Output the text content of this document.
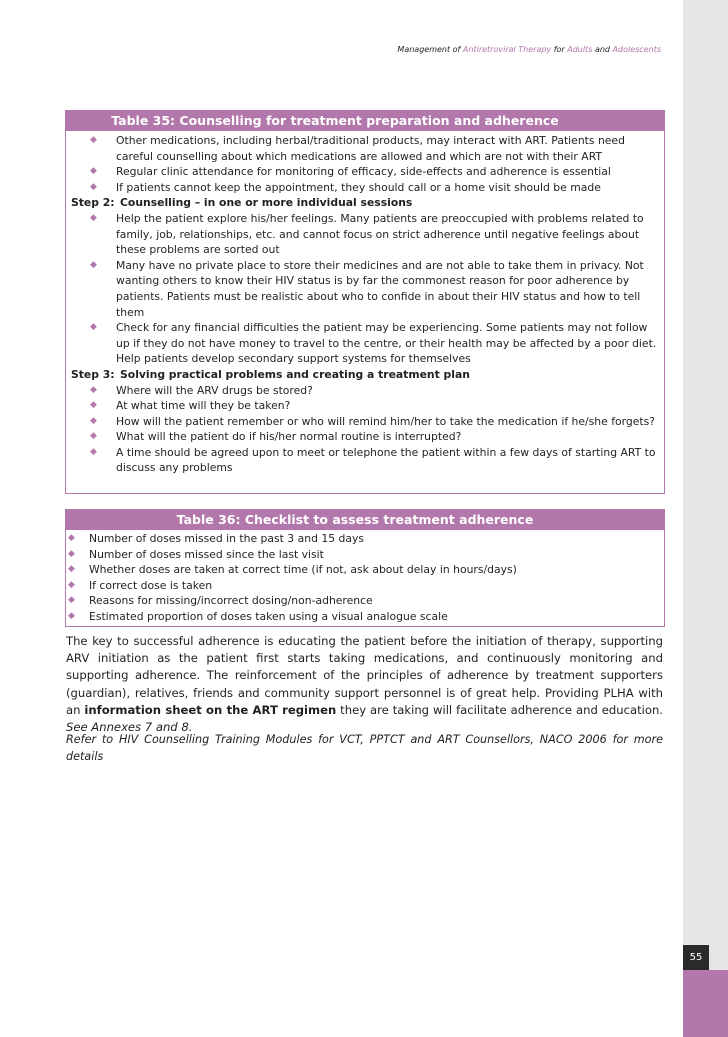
55
Management of Antiretroviral Therapy for Adults and Adolescents
Table 35: Counselling for treatment preparation and adherence
◆	Other medications, including herbal/traditional products, may interact with ART. Patients need careful counselling about which medications are allowed and which are not with their ART
◆	Regular clinic attendance for monitoring of efficacy, side-effects and adherence is essential
◆	If patients cannot keep the appointment, they should call or a home visit should be made
Step 2: Counselling – in one or more individual sessions
◆	Help the patient explore his/her feelings. Many patients are preoccupied with problems related to family, job, relationships, etc. and cannot focus on strict adherence until negative feelings about these problems are sorted out
◆	Many have no private place to store their medicines and are not able to take them in privacy. Not wanting others to know their HIV status is by far the commonest reason for poor adherence by patients. Patients must be realistic about who to confide in about their HIV status and how to tell them
◆	Check for any financial difficulties the patient may be experiencing. Some patients may not follow up if they do not have money to travel to the centre, or their health may be affected by a poor diet. Help patients develop secondary support systems for themselves
Step 3: Solving practical problems and creating a treatment plan
◆	Where will the ARV drugs be stored?
◆	At what time will they be taken?
◆	How will the patient remember or who will remind him/her to take the medication if he/she forgets?
◆	What will the patient do if his/her normal routine is interrupted?
◆	A time should be agreed upon to meet or telephone the patient within a few days of starting ART to discuss any problems
Table 36: Checklist to assess treatment adherence
◆	Number of doses missed in the past 3 and 15 days
◆	Number of doses missed since the last visit
◆	Whether doses are taken at correct time (if not, ask about delay in hours/days)
◆	If correct dose is taken
◆	Reasons for missing/incorrect dosing/non-adherence
◆	Estimated proportion of doses taken using a visual analogue scale
The key to successful adherence is educating the patient before the initiation of therapy, supporting ARV initiation as the patient first starts taking medications, and continuously monitoring and supporting adherence. The reinforcement of the principles of adherence by treatment supporters (guardian), relatives, friends and community support personnel is of great help. Providing PLHA with an information sheet on the ART regimen they are taking will facilitate adherence and education. See Annexes 7 and 8.
Refer to HIV Counselling Training Modules for VCT, PPTCT and ART Counsellors, NACO 2006 for more details
